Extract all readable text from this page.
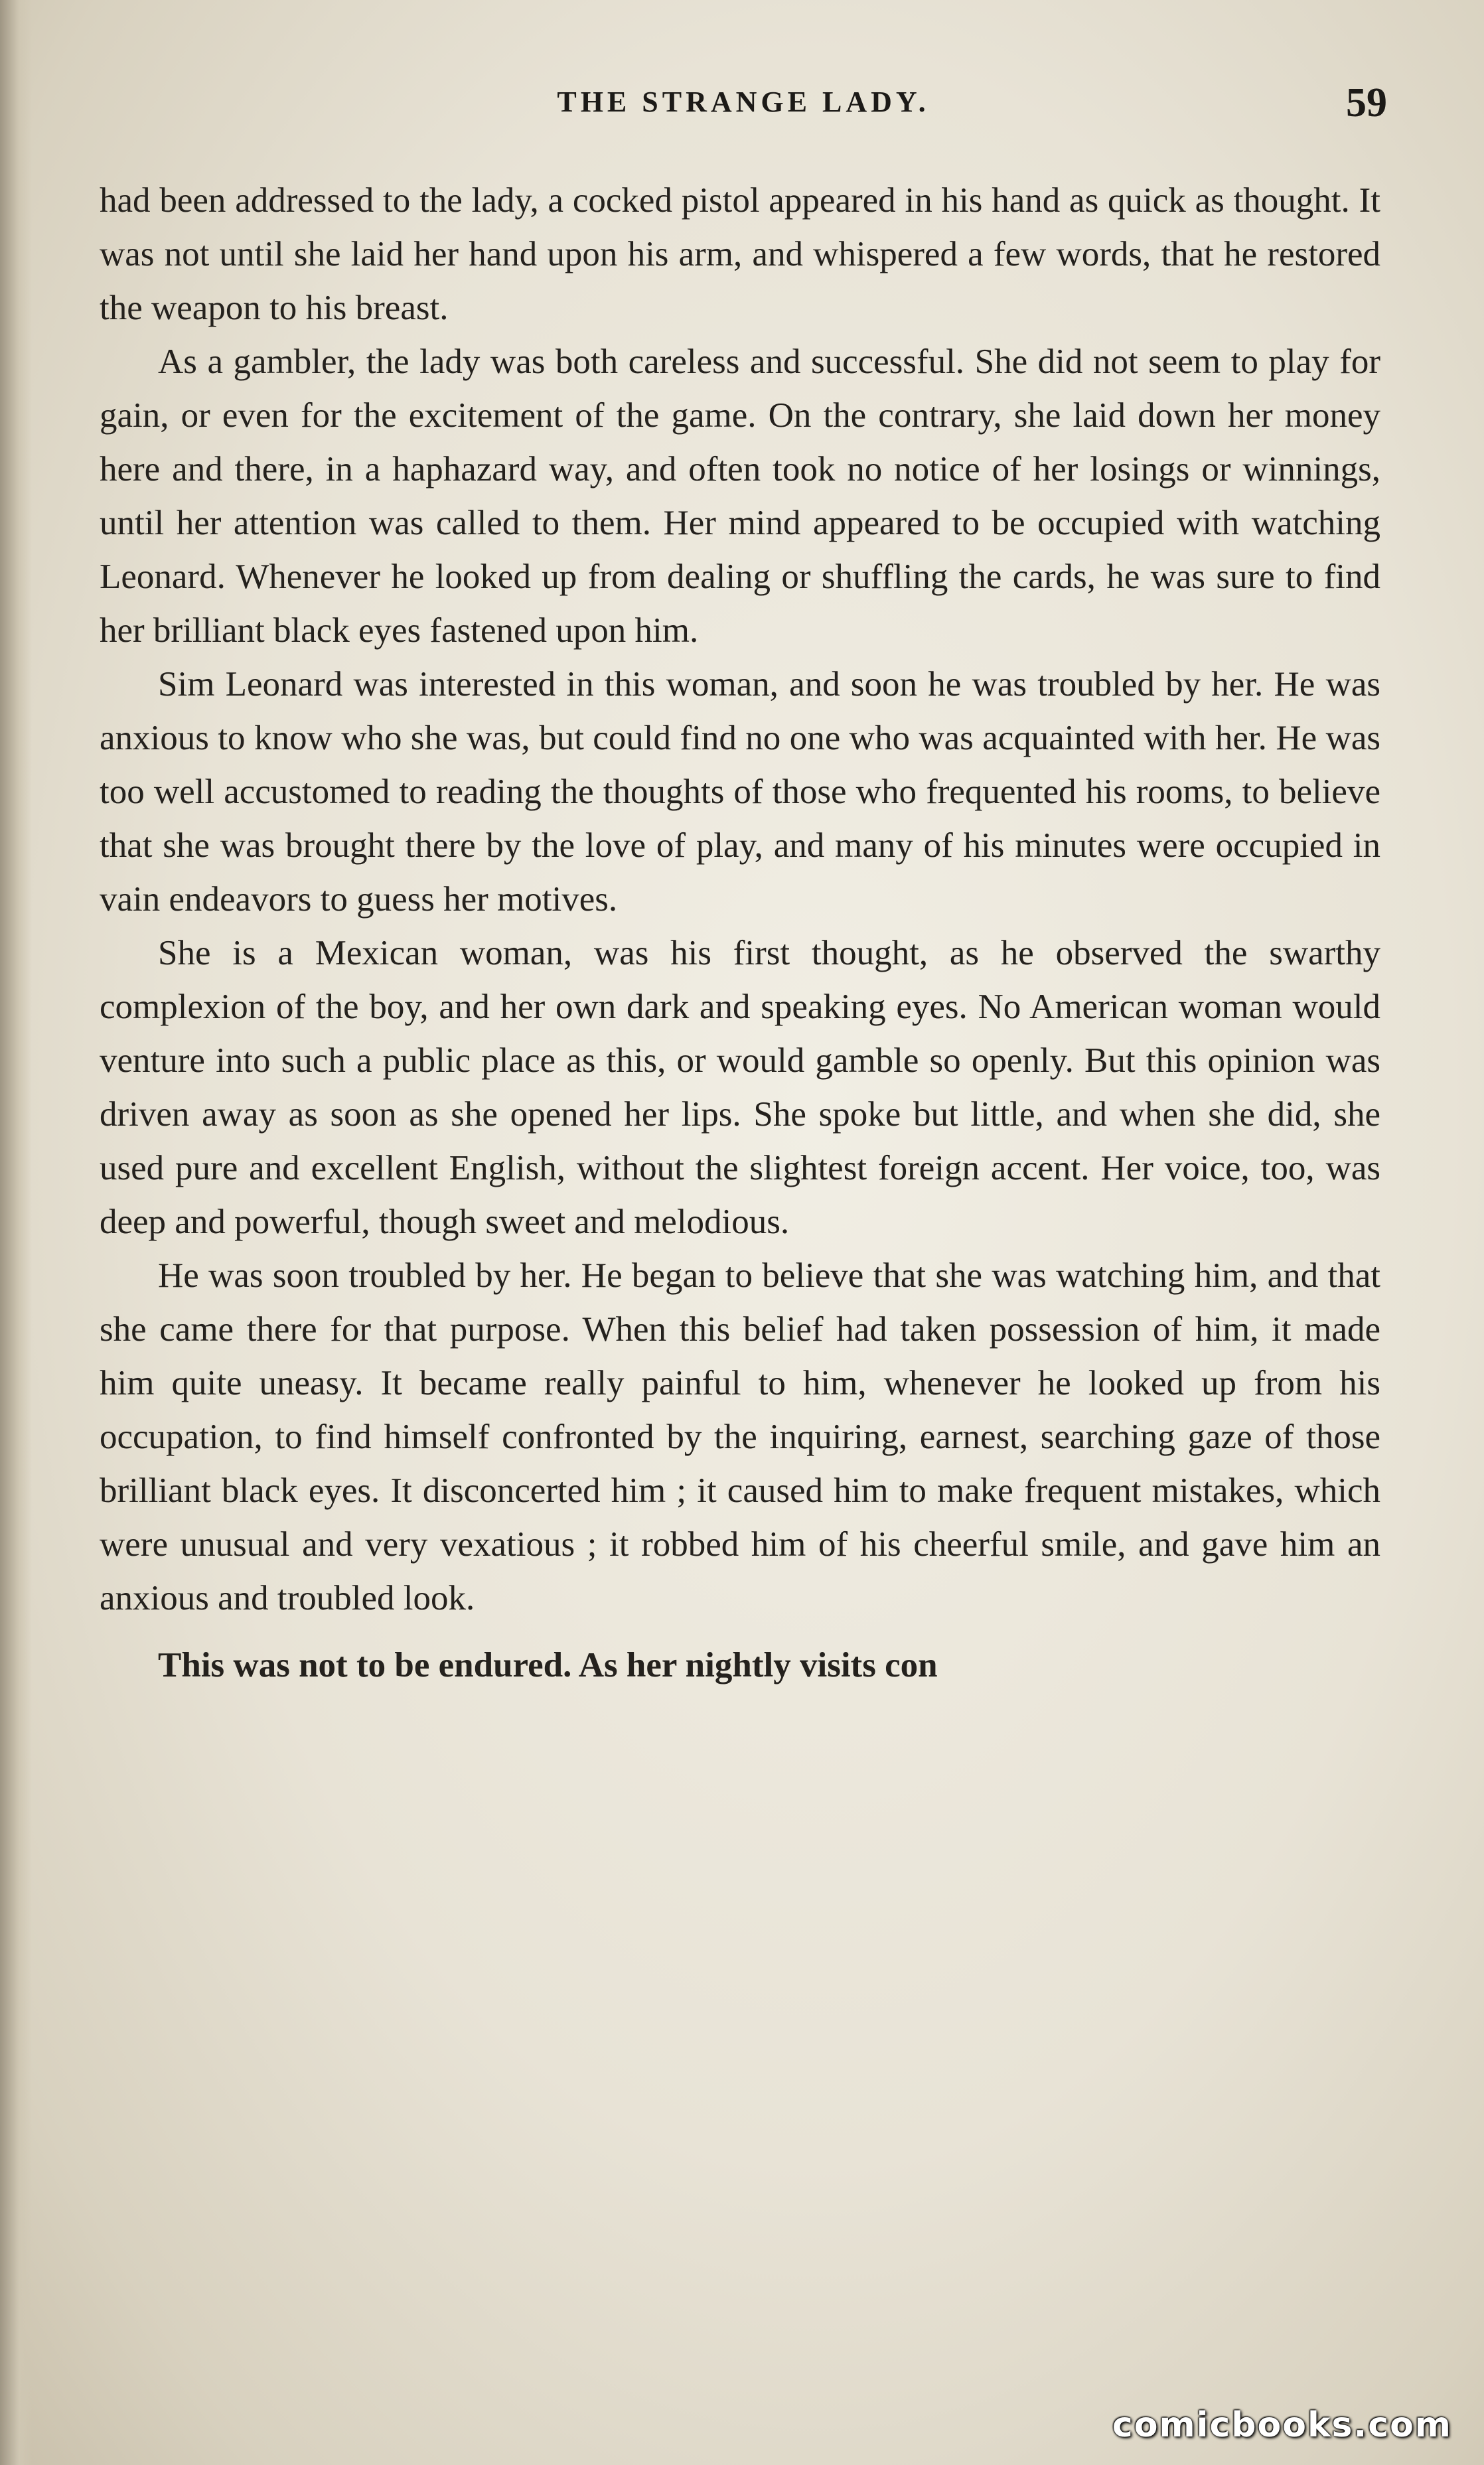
THE STRANGE LADY.	59

had been addressed to the lady, a cocked pistol appeared in his hand as quick as thought. It was not until she laid her hand upon his arm, and whispered a few words, that he restored the weapon to his breast.

As a gambler, the lady was both careless and successful. She did not seem to play for gain, or even for the excitement of the game. On the contrary, she laid down her money here and there, in a haphazard way, and often took no notice of her losings or winnings, until her attention was called to them. Her mind appeared to be occupied with watching Leonard. Whenever he looked up from dealing or shuffling the cards, he was sure to find her brilliant black eyes fastened upon him.

Sim Leonard was interested in this woman, and soon he was troubled by her. He was anxious to know who she was, but could find no one who was acquainted with her. He was too well accustomed to reading the thoughts of those who frequented his rooms, to believe that she was brought there by the love of play, and many of his minutes were occupied in vain endeavors to guess her motives.

She is a Mexican woman, was his first thought, as he observed the swarthy complexion of the boy, and her own dark and speaking eyes. No American woman would venture into such a public place as this, or would gamble so openly. But this opinion was driven away as soon as she opened her lips. She spoke but little, and when she did, she used pure and excellent English, without the slightest foreign accent. Her voice, too, was deep and powerful, though sweet and melodious.

He was soon troubled by her. He began to believe that she was watching him, and that she came there for that purpose. When this belief had taken possession of him, it made him quite uneasy. It became really painful to him, whenever he looked up from his occupation, to find himself confronted by the inquiring, earnest, searching gaze of those brilliant black eyes. It disconcerted him ; it caused him to make frequent mistakes, which were unusual and very vexatious ; it robbed him of his cheerful smile, and gave him an anxious and troubled look.

This was not to be endured. As her nightly visits con

comicbooks.com
